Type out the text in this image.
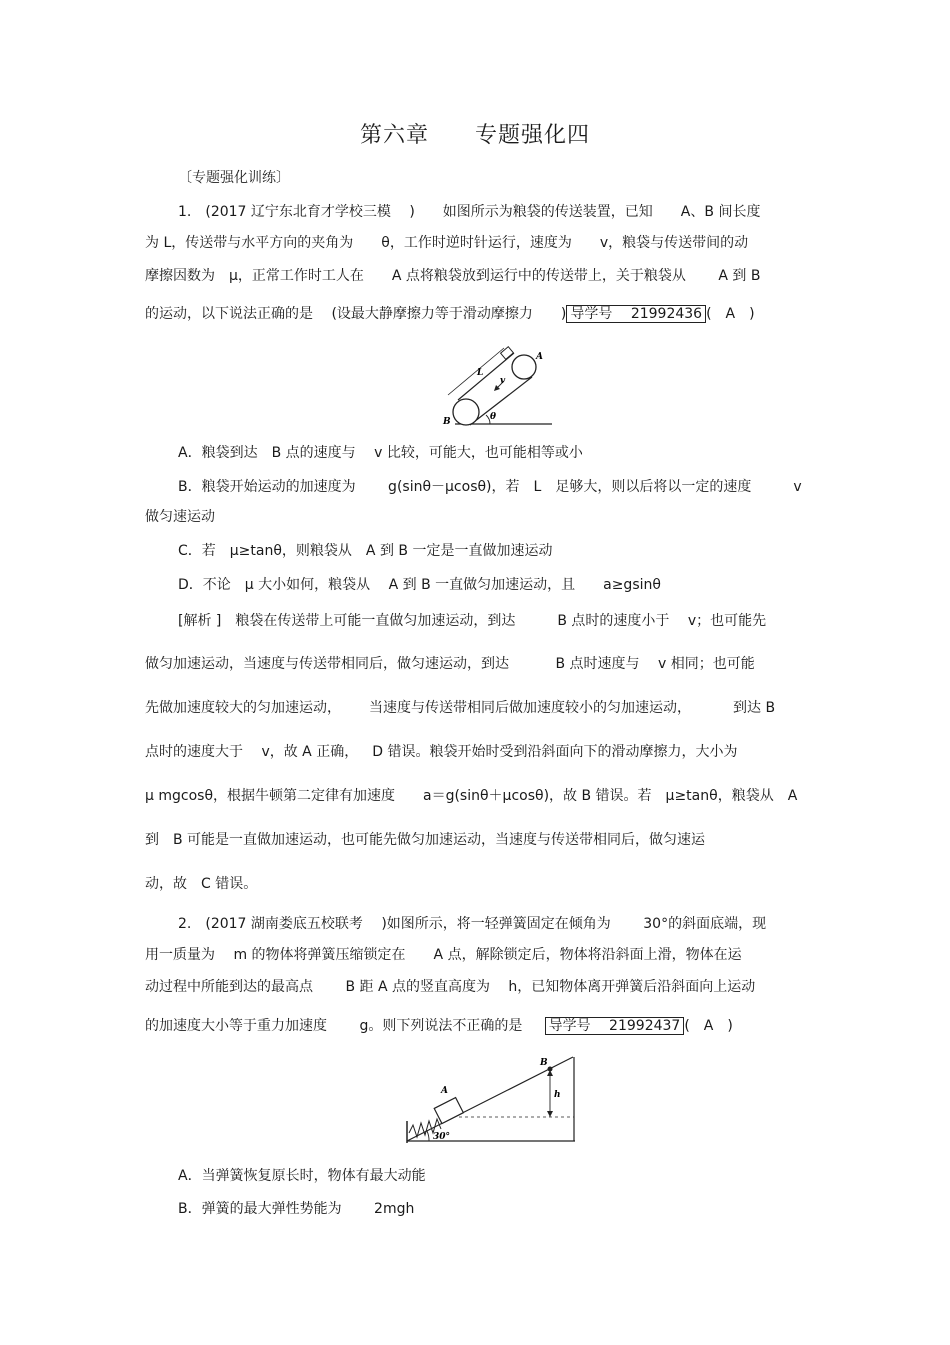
第六章　　专题强化四
〔专题强化训练〕
1. (2017 辽宁东北育才学校三模  )  如图所示为粮袋的传送装置，已知  A、B 间长度
为 L，传送带与水平方向的夹角为  θ，工作时逆时针运行，速度为  v，粮袋与传送带间的动
摩擦因数为 μ，正常工作时工人在  A 点将粮袋放到运行中的传送带上，关于粮袋从   A 到 B
的运动，以下说法正确的是  (设最大静摩擦力等于滑动摩擦力  ) 导学号  21992436 ( A )
A
B
L
v
θ
A．粮袋到达 B 点的速度与  v 比较，可能大，也可能相等或小
B．粮袋开始运动的加速度为   g(sinθ－μcosθ)，若 L 足够大，则以后将以一定的速度   v
做匀速运动
C．若 μ≥tanθ，则粮袋从 A 到 B 一定是一直做加速运动
D．不论 μ 大小如何，粮袋从  A 到 B 一直做匀加速运动，且  a≥gsinθ
[解析 ] 粮袋在传送带上可能一直做匀加速运动，到达   B 点时的速度小于  v；也可能先
做匀加速运动，当速度与传送带相同后，做匀速运动，到达    B 点时速度与  v 相同；也可能
先做加速度较大的匀加速运动，  当速度与传送带相同后做加速度较小的匀加速运动，   到达 B
点时的速度大于  v，故 A 正确， D 错误。粮袋开始时受到沿斜面向下的滑动摩擦力，大小为
μ mgcosθ，根据牛顿第二定律有加速度  a＝g(sinθ＋μcosθ)，故 B 错误。若 μ≥tanθ，粮袋从 A
到 B 可能是一直做加速运动，也可能先做匀加速运动，当速度与传送带相同后，做匀速运
动，故 C 错误。
2. (2017 湖南娄底五校联考  )如图所示，将一轻弹簧固定在倾角为   30°的斜面底端，现
用一质量为  m 的物体将弹簧压缩锁定在  A 点，解除锁定后，物体将沿斜面上滑，物体在运
动过程中所能到达的最高点   B 距 A 点的竖直高度为  h，已知物体离开弹簧后沿斜面向上运动
的加速度大小等于重力加速度   g。则下列说法不正确的是 导学号  21992437 ( A )
B
A	h
30°
A．当弹簧恢复原长时，物体有最大动能
B．弹簧的最大弹性势能为   2mgh
